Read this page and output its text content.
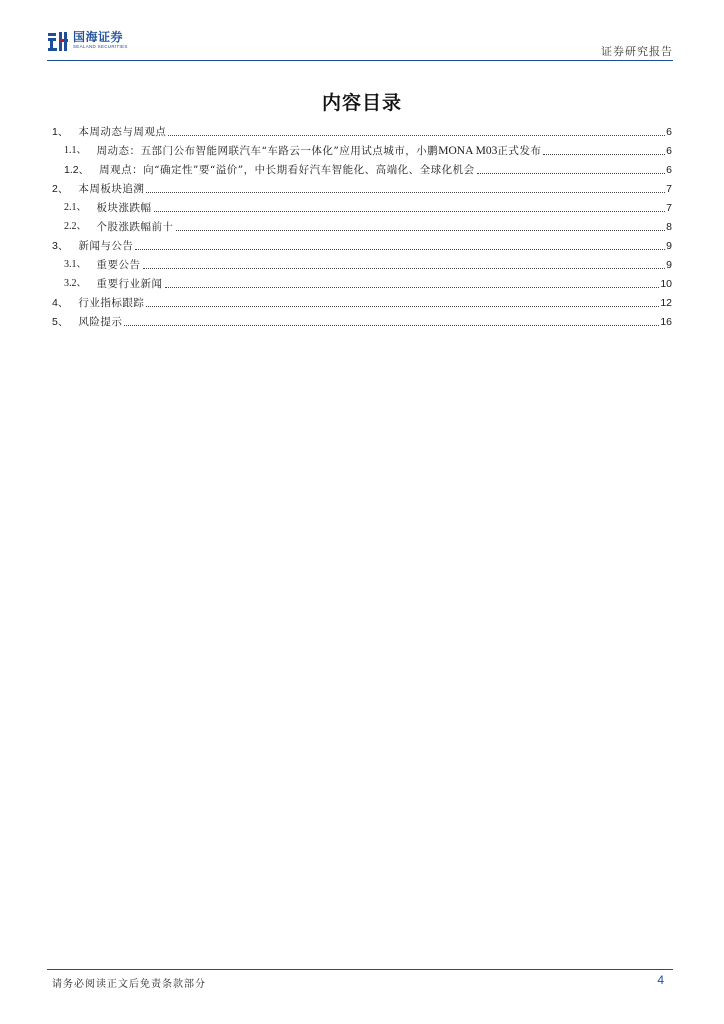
国海证券
SEALAND SECURITIES	证券研究报告
内容目录
1、 本周动态与周观点	6
1.1、 周动态：五部门公布智能网联汽车“车路云一体化”应用试点城市，小鹏MONA M03正式发布	6
1.2、 周观点：向“确定性”要“溢价”，中长期看好汽车智能化、高端化、全球化机会	6
2、 本周板块追溯	7
2.1、 板块涨跌幅	7
2.2、 个股涨跌幅前十	8
3、 新闻与公告	9
3.1、 重要公告	9
3.2、 重要行业新闻	10
4、 行业指标跟踪	12
5、 风险提示	16
请务必阅读正文后免责条款部分	4
